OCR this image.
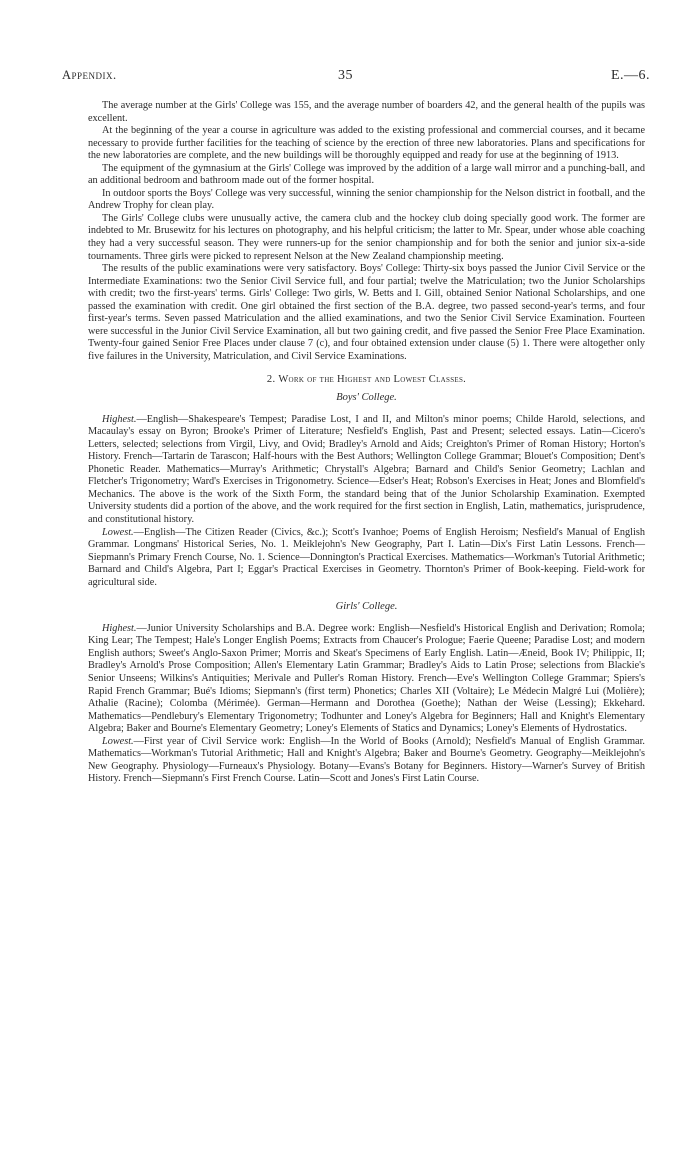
Appendix.	35	E.—6.

The average number at the Girls' College was 155, and the average number of boarders 42, and the general health of the pupils was excellent.

At the beginning of the year a course in agriculture was added to the existing professional and commercial courses, and it became necessary to provide further facilities for the teaching of science by the erection of three new laboratories. Plans and specifications for the new laboratories are complete, and the new buildings will be thoroughly equipped and ready for use at the beginning of 1913.

The equipment of the gymnasium at the Girls' College was improved by the addition of a large wall mirror and a punching-ball, and an additional bedroom and bathroom made out of the former hospital.

In outdoor sports the Boys' College was very successful, winning the senior championship for the Nelson district in football, and the Andrew Trophy for clean play.

The Girls' College clubs were unusually active, the camera club and the hockey club doing specially good work. The former are indebted to Mr. Brusewitz for his lectures on photography, and his helpful criticism; the latter to Mr. Spear, under whose able coaching they had a very successful season. They were runners-up for the senior championship and for both the senior and junior six-a-side tournaments. Three girls were picked to represent Nelson at the New Zealand championship meeting.

The results of the public examinations were very satisfactory. Boys' College: Thirty-six boys passed the Junior Civil Service or the Intermediate Examinations: two the Senior Civil Service full, and four partial; twelve the Matriculation; two the Junior Scholarships with credit; two the first-years' terms. Girls' College: Two girls, W. Betts and I. Gill, obtained Senior National Scholarships, and one passed the examination with credit. One girl obtained the first section of the B.A. degree, two passed second-year's terms, and four first-year's terms. Seven passed Matriculation and the allied examinations, and two the Senior Civil Service Examination. Fourteen were successful in the Junior Civil Service Examination, all but two gaining credit, and five passed the Senior Free Place Examination. Twenty-four gained Senior Free Places under clause 7 (c), and four obtained extension under clause (5) 1. There were altogether only five failures in the University, Matriculation, and Civil Service Examinations.

2. Work of the Highest and Lowest Classes.
Boys' College.

Highest.—English—Shakespeare's Tempest; Paradise Lost, I and II, and Milton's minor poems; Childe Harold, selections, and Macaulay's essay on Byron; Brooke's Primer of Literature; Nesfield's English, Past and Present; selected essays. Latin—Cicero's Letters, selected; selections from Virgil, Livy, and Ovid; Bradley's Arnold and Aids; Creighton's Primer of Roman History; Horton's History. French—Tartarin de Tarascon; Half-hours with the Best Authors; Wellington College Grammar; Blouet's Composition; Dent's Phonetic Reader. Mathematics—Murray's Arithmetic; Chrystall's Algebra; Barnard and Child's Senior Geometry; Lachlan and Fletcher's Trigonometry; Ward's Exercises in Trigonometry. Science—Edser's Heat; Robson's Exercises in Heat; Jones and Blomfield's Mechanics. The above is the work of the Sixth Form, the standard being that of the Junior Scholarship Examination. Exempted University students did a portion of the above, and the work required for the first section in English, Latin, mathematics, jurisprudence, and constitutional history.

Lowest.—English—The Citizen Reader (Civics, &c.); Scott's Ivanhoe; Poems of English Heroism; Nesfield's Manual of English Grammar. Longmans' Historical Series, No. 1. Meiklejohn's New Geography, Part I. Latin—Dix's First Latin Lessons. French—Siepmann's Primary French Course, No. 1. Science—Donnington's Practical Exercises. Mathematics—Workman's Tutorial Arithmetic; Barnard and Child's Algebra, Part I; Eggar's Practical Exercises in Geometry. Thornton's Primer of Book-keeping. Field-work for agricultural side.

Girls' College.

Highest.—Junior University Scholarships and B.A. Degree work: English—Nesfield's Historical English and Derivation; Romola; King Lear; The Tempest; Hale's Longer English Poems; Extracts from Chaucer's Prologue; Faerie Queene; Paradise Lost; and modern English authors; Sweet's Anglo-Saxon Primer; Morris and Skeat's Specimens of Early English. Latin—Æneid, Book IV; Philippic, II; Bradley's Arnold's Prose Composition; Allen's Elementary Latin Grammar; Bradley's Aids to Latin Prose; selections from Blackie's Senior Unseens; Wilkins's Antiquities; Merivale and Puller's Roman History. French—Eve's Wellington College Grammar; Spiers's Rapid French Grammar; Bué's Idioms; Siepmann's (first term) Phonetics; Charles XII (Voltaire); Le Médecin Malgré Lui (Molière); Athalie (Racine); Colomba (Mérimée). German—Hermann and Dorothea (Goethe); Nathan der Weise (Lessing); Ekkehard. Mathematics—Pendlebury's Elementary Trigonometry; Todhunter and Loney's Algebra for Beginners; Hall and Knight's Elementary Algebra; Baker and Bourne's Elementary Geometry; Loney's Elements of Statics and Dynamics; Loney's Elements of Hydrostatics.

Lowest.—First year of Civil Service work: English—In the World of Books (Arnold); Nesfield's Manual of English Grammar. Mathematics—Workman's Tutorial Arithmetic; Hall and Knight's Algebra; Baker and Bourne's Geometry. Geography—Meiklejohn's New Geography. Physiology—Furneaux's Physiology. Botany—Evans's Botany for Beginners. History—Warner's Survey of British History. French—Siepmann's First French Course. Latin—Scott and Jones's First Latin Course.
